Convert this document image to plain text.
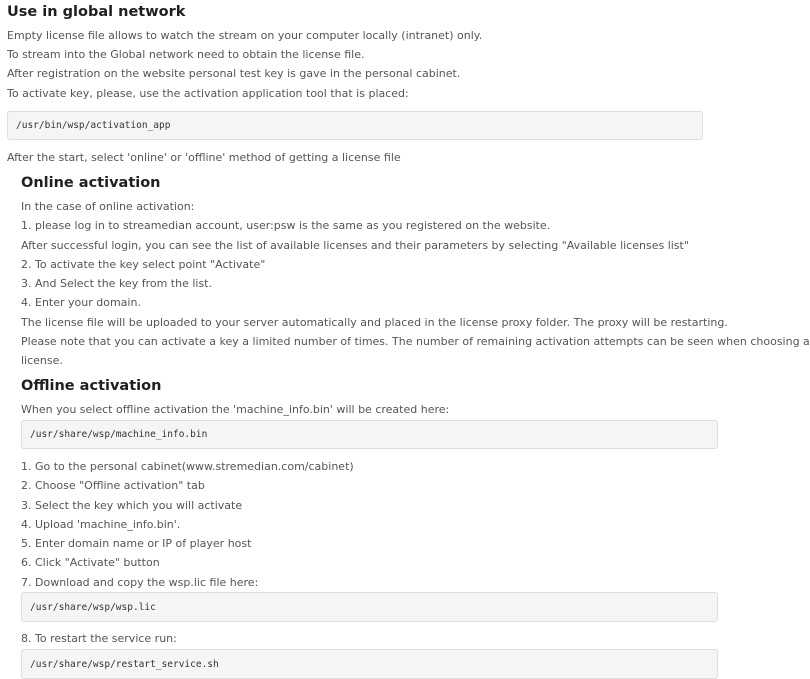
Use in global network

Empty license file allows to watch the stream on your computer locally (intranet) only.

To stream into the Global network need to obtain the license file.

After registration on the website personal test key is gave in the personal cabinet.

To activate key, please, use the activation application tool that is placed:

/usr/bin/wsp/activation_app

After the start, select 'online' or 'offline' method of getting a license file

Online activation

In the case of online activation:

1. please log in to streamedian account, user:psw is the same as you registered on the website.

After successful login, you can see the list of available licenses and their parameters by selecting "Available licenses list"

2. To activate the key select point "Activate"

3. And Select the key from the list.

4. Enter your domain.

The license file will be uploaded to your server automatically and placed in the license proxy folder. The proxy will be restarting.

Please note that you can activate a key a limited number of times. The number of remaining activation attempts can be seen when choosing a

license.

Offline activation

When you select offline activation the 'machine_info.bin' will be created here:

/usr/share/wsp/machine_info.bin

1. Go to the personal cabinet(www.stremedian.com/cabinet)

2. Choose "Offline activation" tab

3. Select the key which you will activate

4. Upload 'machine_info.bin'.

5. Enter domain name or IP of player host

6. Click "Activate" button

7. Download and copy the wsp.lic file here:

/usr/share/wsp/wsp.lic

8. To restart the service run:

/usr/share/wsp/restart_service.sh
